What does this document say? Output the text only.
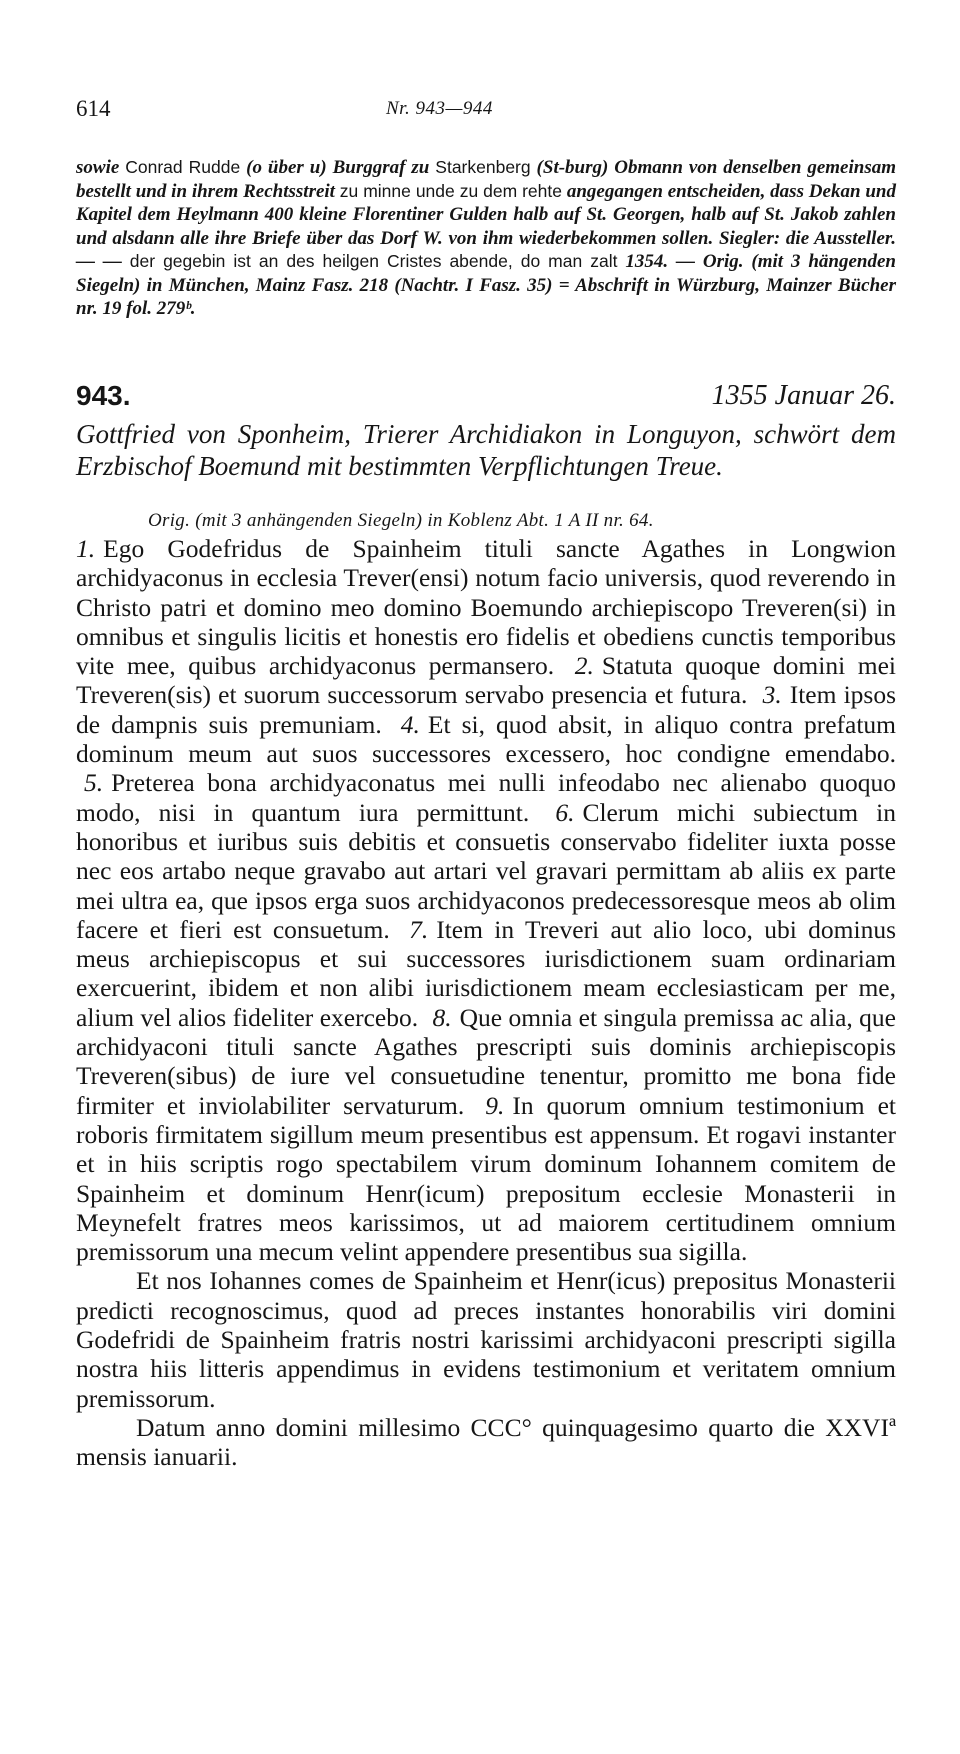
614	Nr. 943—944
sowie Conrad Rudde (o über u) Burggraf zu Starkenberg (St-burg) Obmann von denselben gemeinsam bestellt und in ihrem Rechtsstreit zu minne unde zu dem rehte angegangen entscheiden, dass Dekan und Kapitel dem Heylmann 400 kleine Florentiner Gulden halb auf St. Georgen, halb auf St. Jakob zahlen und alsdann alle ihre Briefe über das Dorf W. von ihm wiederbekommen sollen. Siegler: die Aussteller. — — der gegebin ist an des heilgen Cristes abende, do man zalt 1354. — Orig. (mit 3 hängenden Siegeln) in München, Mainz Fasz. 218 (Nachtr. I Fasz. 35) = Abschrift in Würzburg, Mainzer Bücher nr. 19 fol. 279ᵇ.
943.	1355 Januar 26.
Gottfried von Sponheim, Trierer Archidiakon in Longuyon, schwört dem Erzbischof Boemund mit bestimmten Verpflichtungen Treue.
Orig. (mit 3 anhängenden Siegeln) in Koblenz Abt. 1 A II nr. 64.

1. Ego Godefridus de Spainheim tituli sancte Agathes in Longwion archidyaconus in ecclesia Trever(ensi) notum facio universis, quod reverendo in Christo patri et domino meo domino Boemundo archiepiscopo Treveren(si) in omnibus et singulis licitis et honestis ero fidelis et obediens cunctis temporibus vite mee, quibus archidyaconus permansero. 2. Statuta quoque domini mei Treveren(sis) et suorum successorum servabo presencia et futura. 3. Item ipsos de dampnis suis premuniam. 4. Et si, quod absit, in aliquo contra prefatum dominum meum aut suos successores excessero, hoc condigne emendabo. 5. Preterea bona archidyaconatus mei nulli infeodabo nec alienabo quoquo modo, nisi in quantum iura permittunt. 6. Clerum michi subiectum in honoribus et iuribus suis debitis et consuetis conservabo fideliter iuxta posse nec eos artabo neque gravabo aut artari vel gravari permittam ab aliis ex parte mei ultra ea, que ipsos erga suos archidyaconos predecessoresque meos ab olim facere et fieri est consuetum. 7. Item in Treveri aut alio loco, ubi dominus meus archiepiscopus et sui successores iurisdictionem suam ordinariam exercuerint, ibidem et non alibi iurisdictionem meam ecclesiasticam per me, alium vel alios fideliter exercebo. 8. Que omnia et singula premissa ac alia, que archidyaconi tituli sancte Agathes prescripti suis dominis archiepiscopis Treveren(sibus) de iure vel consuetudine tenentur, promitto me bona fide firmiter et inviolabiliter servaturum. 9. In quorum omnium testimonium et roboris firmitatem sigillum meum presentibus est appensum. Et rogavi instanter et in hiis scriptis rogo spectabilem virum dominum Iohannem comitem de Spainheim et dominum Henr(icum) prepositum ecclesie Monasterii in Meynefelt fratres meos karissimos, ut ad maiorem certitudinem omnium premissorum una mecum velint appendere presentibus sua sigilla.

Et nos Iohannes comes de Spainheim et Henr(icus) prepositus Monasterii predicti recognoscimus, quod ad preces instantes honorabilis viri domini Godefridi de Spainheim fratris nostri karissimi archidyaconi prescripti sigilla nostra hiis litteris appendimus in evidens testimonium et veritatem omnium premissorum.

Datum anno domini millesimo CCC° quinquagesimo quarto die XXVIª mensis ianuarii.
